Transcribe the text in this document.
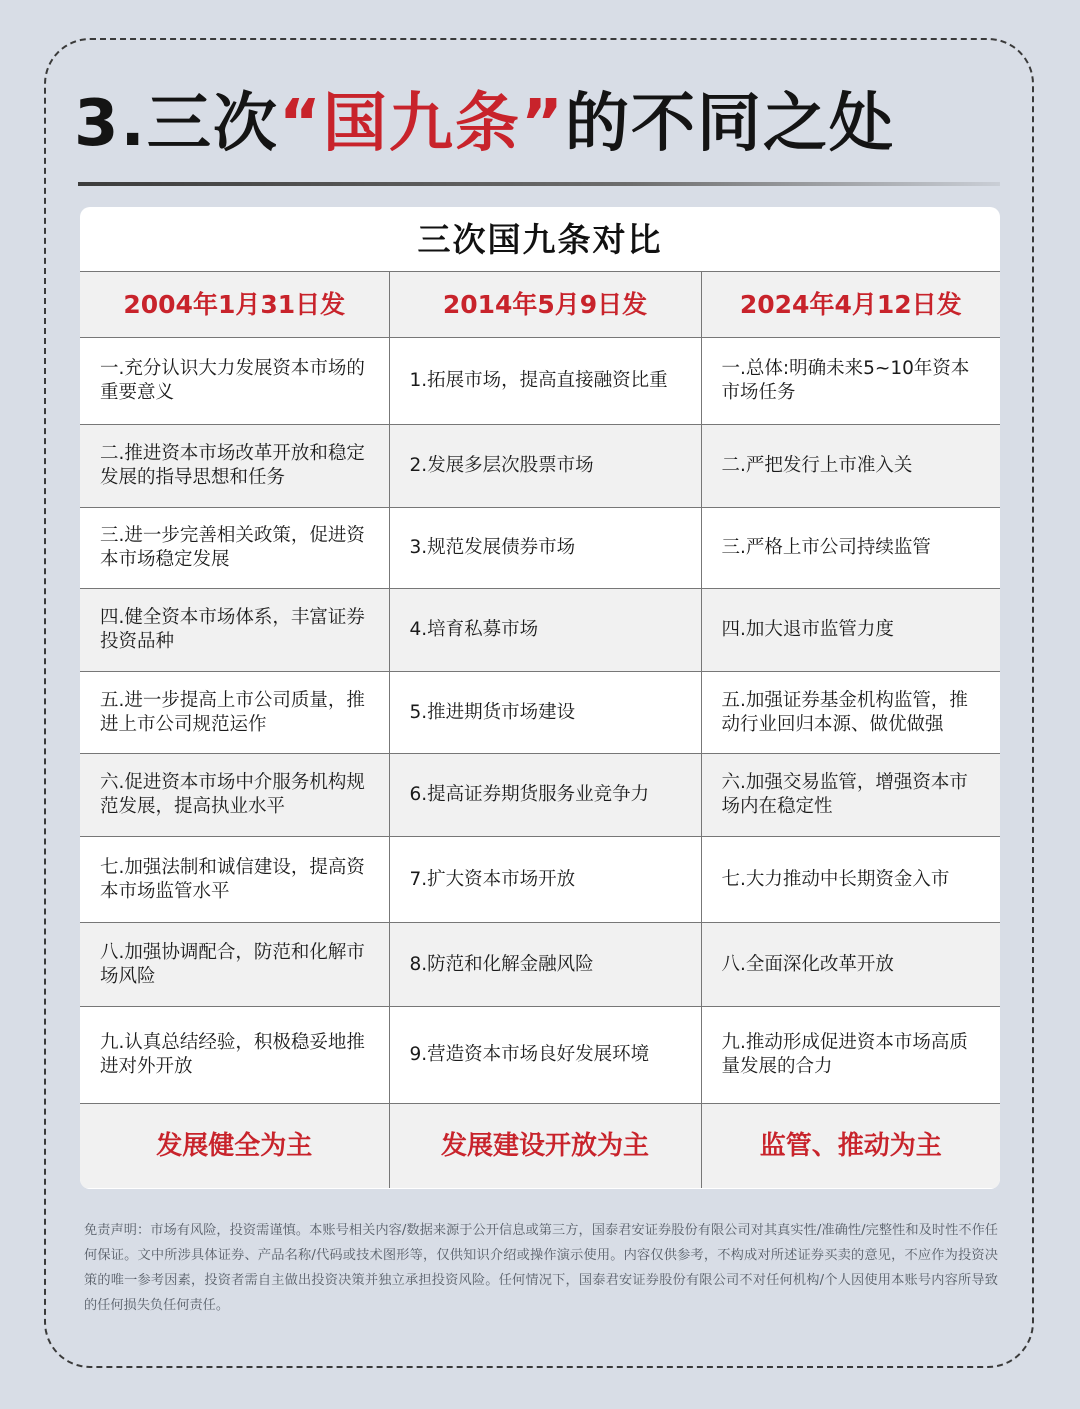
3.三次“国九条”的不同之处
三次国九条对比
2004年1月31日发	2014年5月9日发	2024年4月12日发
一.充分认识大力发展资本市场的重要意义	1.拓展市场，提高直接融资比重	一.总体:明确未来5~10年资本市场任务
二.推进资本市场改革开放和稳定发展的指导思想和任务	2.发展多层次股票市场	二.严把发行上市准入关
三.进一步完善相关政策，促进资本市场稳定发展	3.规范发展债券市场	三.严格上市公司持续监管
四.健全资本市场体系，丰富证券投资品种	4.培育私募市场	四.加大退市监管力度
五.进一步提高上市公司质量，推进上市公司规范运作	5.推进期货市场建设	五.加强证券基金机构监管，推动行业回归本源、做优做强
六.促进资本市场中介服务机构规范发展，提高执业水平	6.提高证券期货服务业竞争力	六.加强交易监管，增强资本市场内在稳定性
七.加强法制和诚信建设，提高资本市场监管水平	7.扩大资本市场开放	七.大力推动中长期资金入市
八.加强协调配合，防范和化解市场风险	8.防范和化解金融风险	八.全面深化改革开放
九.认真总结经验，积极稳妥地推进对外开放	9.营造资本市场良好发展环境	九.推动形成促进资本市场高质量发展的合力
发展健全为主	发展建设开放为主	监管、推动为主

免责声明：市场有风险，投资需谨慎。本账号相关内容/数据来源于公开信息或第三方，国泰君安证券股份有限公司对其真实性/准确性/完整性和及时性不作任何保证。文中所涉具体证券、产品名称/代码或技术图形等，仅供知识介绍或操作演示使用。内容仅供参考，不构成对所述证券买卖的意见，不应作为投资决策的唯一参考因素，投资者需自主做出投资决策并独立承担投资风险。任何情况下，国泰君安证券股份有限公司不对任何机构/个人因使用本账号内容所导致的任何损失负任何责任。
